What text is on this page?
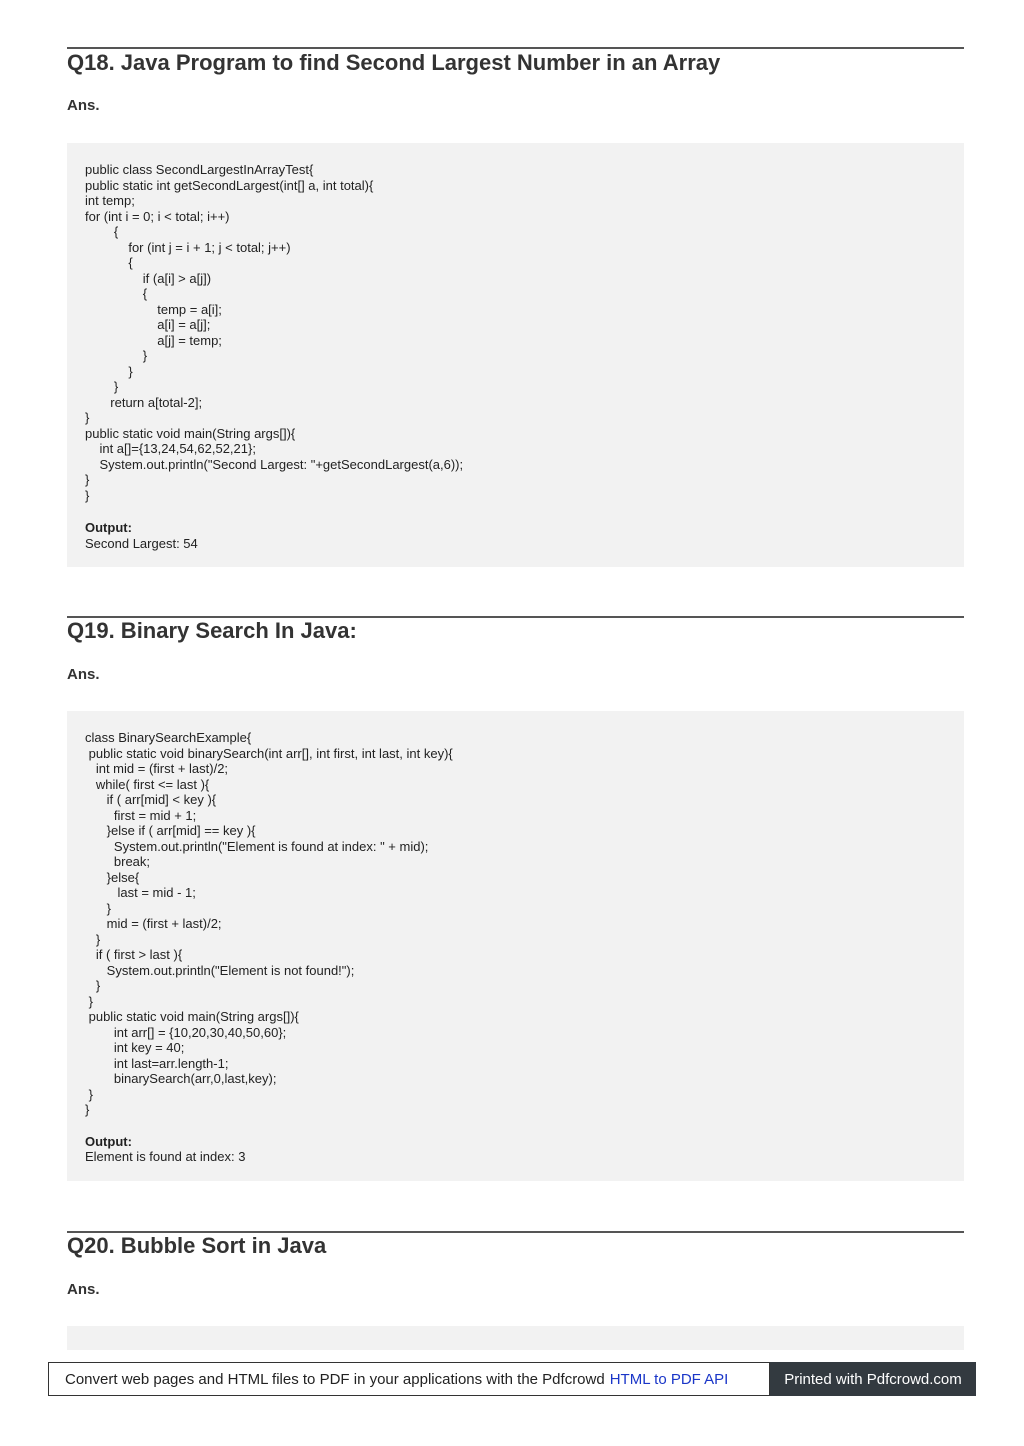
Q18. Java Program to find Second Largest Number in an Array
Ans.
public class SecondLargestInArrayTest{
public static int getSecondLargest(int[] a, int total){
int temp;
for (int i = 0; i < total; i++)
{
for (int j = i + 1; j < total; j++)
{
if (a[i] > a[j])
{
temp = a[i];
a[i] = a[j];
a[j] = temp;
}
}
}
return a[total-2];
}
public static void main(String args[]){
int a[]={13,24,54,62,52,21};
System.out.println("Second Largest: "+getSecondLargest(a,6));
}
}
Output:
Second Largest: 54
Q19. Binary Search In Java:
Ans.
class BinarySearchExample{
public static void binarySearch(int arr[], int first, int last, int key){
int mid = (first + last)/2;
while( first <= last ){
if ( arr[mid] < key ){
first = mid + 1;
}else if ( arr[mid] == key ){
System.out.println("Element is found at index: " + mid);
break;
}else{
last = mid - 1;
}
mid = (first + last)/2;
}
if ( first > last ){
System.out.println("Element is not found!");
}
}
public static void main(String args[]){
int arr[] = {10,20,30,40,50,60};
int key = 40;
int last=arr.length-1;
binarySearch(arr,0,last,key);
}
}
Output:
Element is found at index: 3
Q20. Bubble Sort in Java
Ans.
Convert web pages and HTML files to PDF in your applications with the Pdfcrowd HTML to PDF API	Printed with Pdfcrowd.com
